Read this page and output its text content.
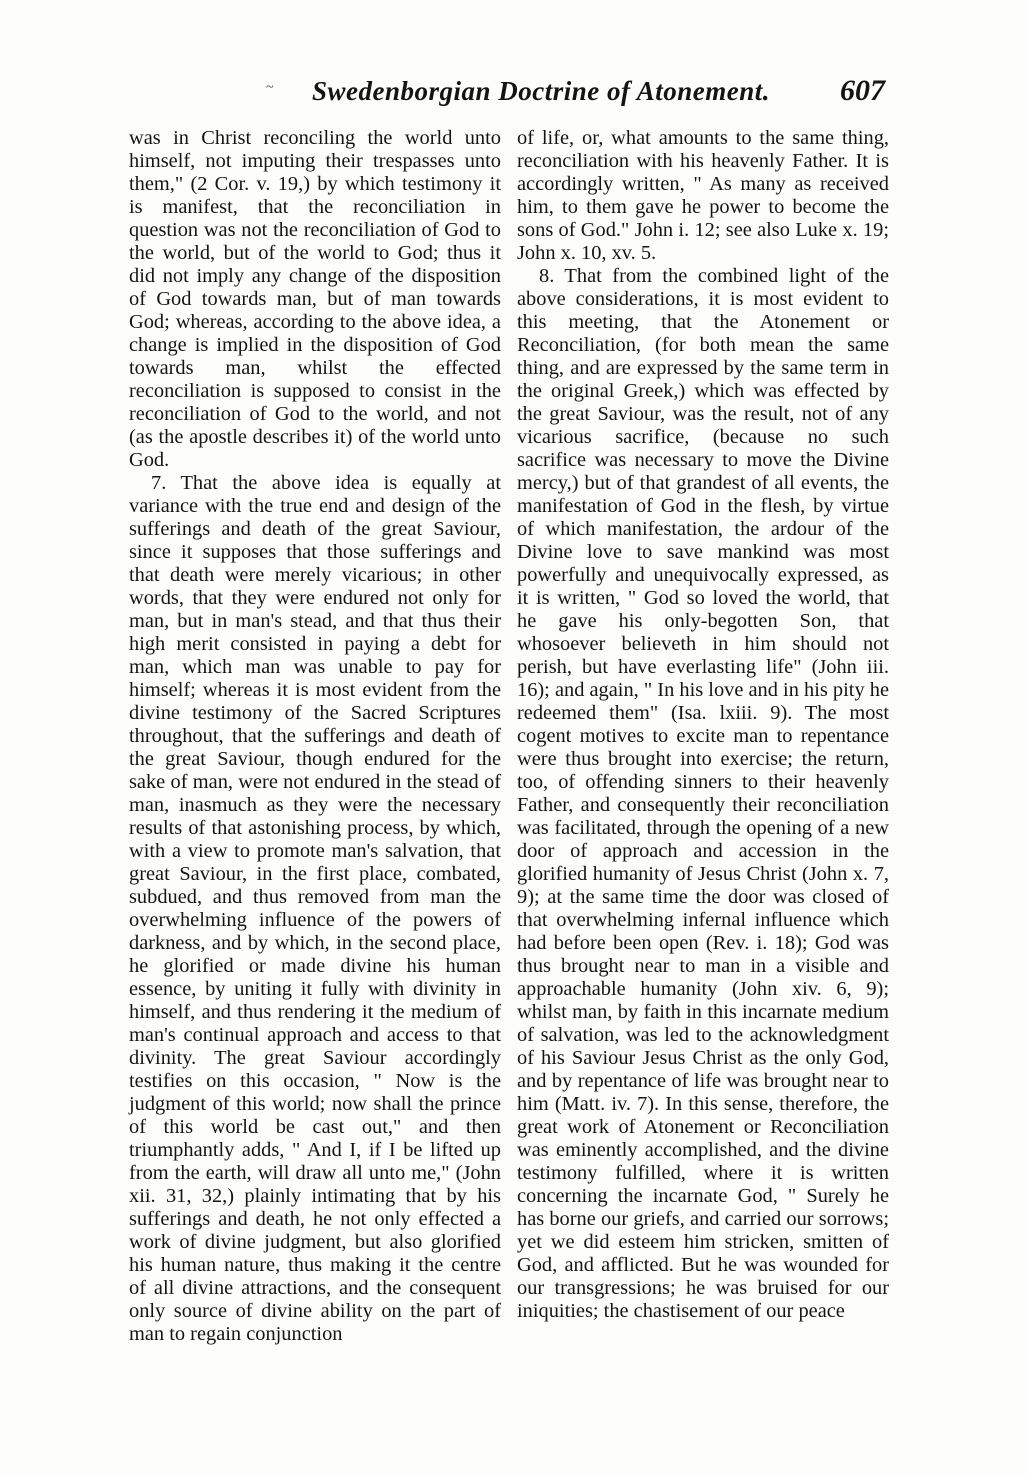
~ Swedenborgian Doctrine of Atonement. 607

was in Christ reconciling the world unto himself, not imputing their trespasses unto them," (2 Cor. v. 19,) by which testimony it is manifest, that the reconciliation in question was not the reconciliation of God to the world, but of the world to God; thus it did not imply any change of the disposition of God towards man, but of man towards God; whereas, according to the above idea, a change is implied in the disposition of God towards man, whilst the effected reconciliation is supposed to consist in the reconciliation of God to the world, and not (as the apostle describes it) of the world unto God.

7. That the above idea is equally at variance with the true end and design of the sufferings and death of the great Saviour, since it supposes that those sufferings and that death were merely vicarious; in other words, that they were endured not only for man, but in man's stead, and that thus their high merit consisted in paying a debt for man, which man was unable to pay for himself; whereas it is most evident from the divine testimony of the Sacred Scriptures throughout, that the sufferings and death of the great Saviour, though endured for the sake of man, were not endured in the stead of man, inasmuch as they were the necessary results of that astonishing process, by which, with a view to promote man's salvation, that great Saviour, in the first place, combated, subdued, and thus removed from man the overwhelming influence of the powers of darkness, and by which, in the second place, he glorified or made divine his human essence, by uniting it fully with divinity in himself, and thus rendering it the medium of man's continual approach and access to that divinity. The great Saviour accordingly testifies on this occasion, " Now is the judgment of this world; now shall the prince of this world be cast out," and then triumphantly adds, " And I, if I be lifted up from the earth, will draw all unto me," (John xii. 31, 32,) plainly intimating that by his sufferings and death, he not only effected a work of divine judgment, but also glorified his human nature, thus making it the centre of all divine attractions, and the consequent only source of divine ability on the part of man to regain conjunction

of life, or, what amounts to the same thing, reconciliation with his heavenly Father. It is accordingly written, " As many as received him, to them gave he power to become the sons of God." John i. 12; see also Luke x. 19; John x. 10, xv. 5.

8. That from the combined light of the above considerations, it is most evident to this meeting, that the Atonement or Reconciliation, (for both mean the same thing, and are expressed by the same term in the original Greek,) which was effected by the great Saviour, was the result, not of any vicarious sacrifice, (because no such sacrifice was necessary to move the Divine mercy,) but of that grandest of all events, the manifestation of God in the flesh, by virtue of which manifestation, the ardour of the Divine love to save mankind was most powerfully and unequivocally expressed, as it is written, " God so loved the world, that he gave his only-begotten Son, that whosoever believeth in him should not perish, but have everlasting life" (John iii. 16); and again, " In his love and in his pity he redeemed them" (Isa. lxiii. 9). The most cogent motives to excite man to repentance were thus brought into exercise; the return, too, of offending sinners to their heavenly Father, and consequently their reconciliation was facilitated, through the opening of a new door of approach and accession in the glorified humanity of Jesus Christ (John x. 7, 9); at the same time the door was closed of that overwhelming infernal influence which had before been open (Rev. i. 18); God was thus brought near to man in a visible and approachable humanity (John xiv. 6, 9); whilst man, by faith in this incarnate medium of salvation, was led to the acknowledgment of his Saviour Jesus Christ as the only God, and by repentance of life was brought near to him (Matt. iv. 7). In this sense, therefore, the great work of Atonement or Reconciliation was eminently accomplished, and the divine testimony fulfilled, where it is written concerning the incarnate God, " Surely he has borne our griefs, and carried our sorrows; yet we did esteem him stricken, smitten of God, and afflicted. But he was wounded for our transgressions; he was bruised for our iniquities; the chastisement of our peace
